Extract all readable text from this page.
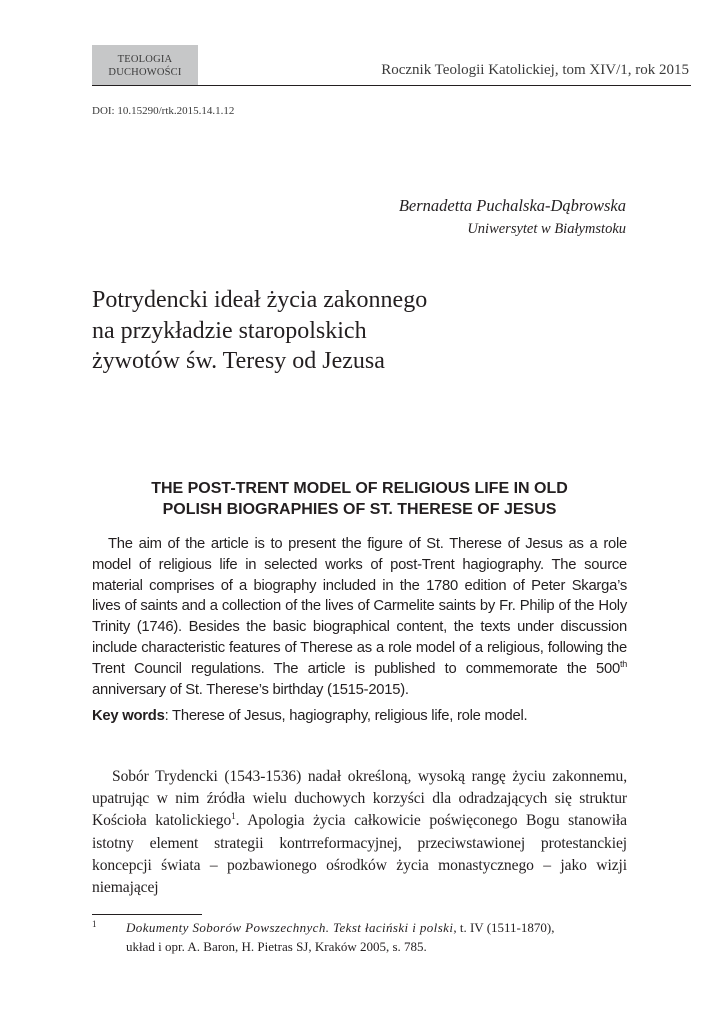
TEOLOGIA
DUCHOWOŚCI	Rocznik Teologii Katolickiej, tom XIV/1, rok 2015
DOI: 10.15290/rtk.2015.14.1.12
Bernadetta Puchalska-Dąbrowska
Uniwersytet w Białymstoku
Potrydencki ideał życia zakonnego
na przykładzie staropolskich
żywotów św. Teresy od Jezusa
THE POST-TRENT MODEL OF RELIGIOUS LIFE IN OLD
POLISH BIOGRAPHIES OF ST. THERESE OF JESUS

The aim of the article is to present the figure of St. Therese of Jesus as a role model of religious life in selected works of post-Trent hagiography. The source material comprises of a biography included in the 1780 edition of Peter Skarga’s lives of saints and a collection of the lives of Carmelite saints by Fr. Philip of the Holy Trinity (1746). Besides the basic biographical content, the texts under discussion include characteristic features of Therese as a role model of a religious, following the Trent Council regulations. The article is published to commemorate the 500th anniversary of St. Therese’s birthday (1515-2015).

Key words: Therese of Jesus, hagiography, religious life, role model.

Sobór Trydencki (1543-1536) nadał określoną, wysoką rangę życiu zakonnemu, upatrując w nim źródła wielu duchowych korzyści dla odradzających się struktur Kościoła katolickiego$^1$. Apologia życia całkowicie poświęconego Bogu stanowiła istotny element strategii kontrreformacyjnej, przeciwstawionej protestanckiej koncepcji świata – pozbawionego ośrodków życia monastycznego – jako wizji niemającej

1	Dokumenty Soborów Powszechnych. Tekst łaciński i polski, t. IV (1511-1870),
układ i opr. A. Baron, H. Pietras SJ, Kraków 2005, s. 785.
